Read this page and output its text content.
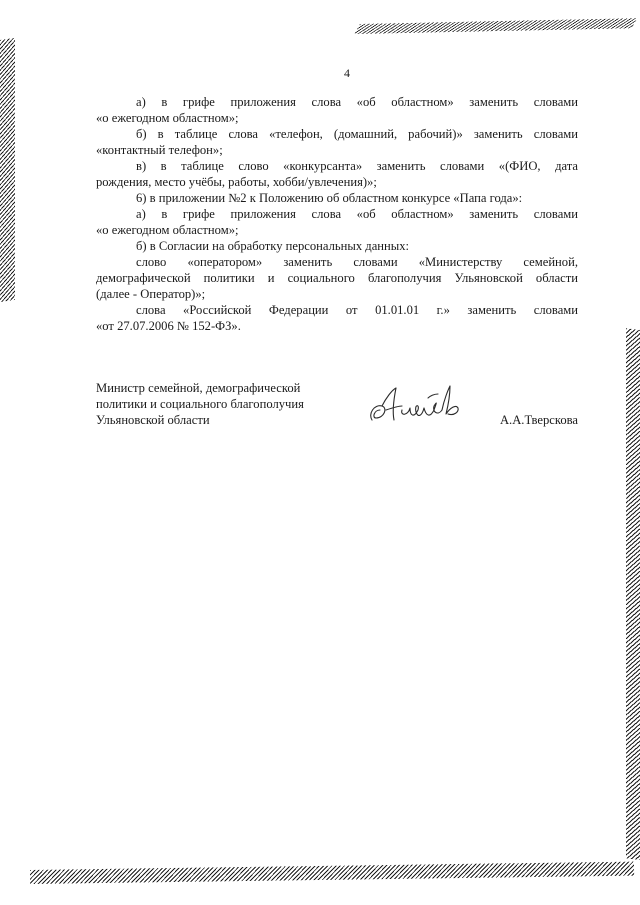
4
а) в грифе приложения слова «об областном» заменить словами
«о ежегодном областном»;
б) в таблице слова «телефон, (домашний, рабочий)» заменить словами
«контактный телефон»;
в) в таблице слово «конкурсанта» заменить словами «(ФИО, дата
рождения, место учёбы, работы, хобби/увлечения)»;
6) в приложении №2 к Положению об областном конкурсе «Папа года»:
а) в грифе приложения слова «об областном» заменить словами
«о ежегодном областном»;
б) в Согласии на обработку персональных данных:
слово «оператором» заменить словами «Министерству семейной,
демографической политики и социального благополучия Ульяновской области
(далее - Оператор)»;
слова «Российской Федерации от 01.01.01 г.» заменить словами
«от 27.07.2006 № 152-ФЗ».
Министр семейной, демографической
политики и социального благополучия
Ульяновской области	А.А.Тверскова
